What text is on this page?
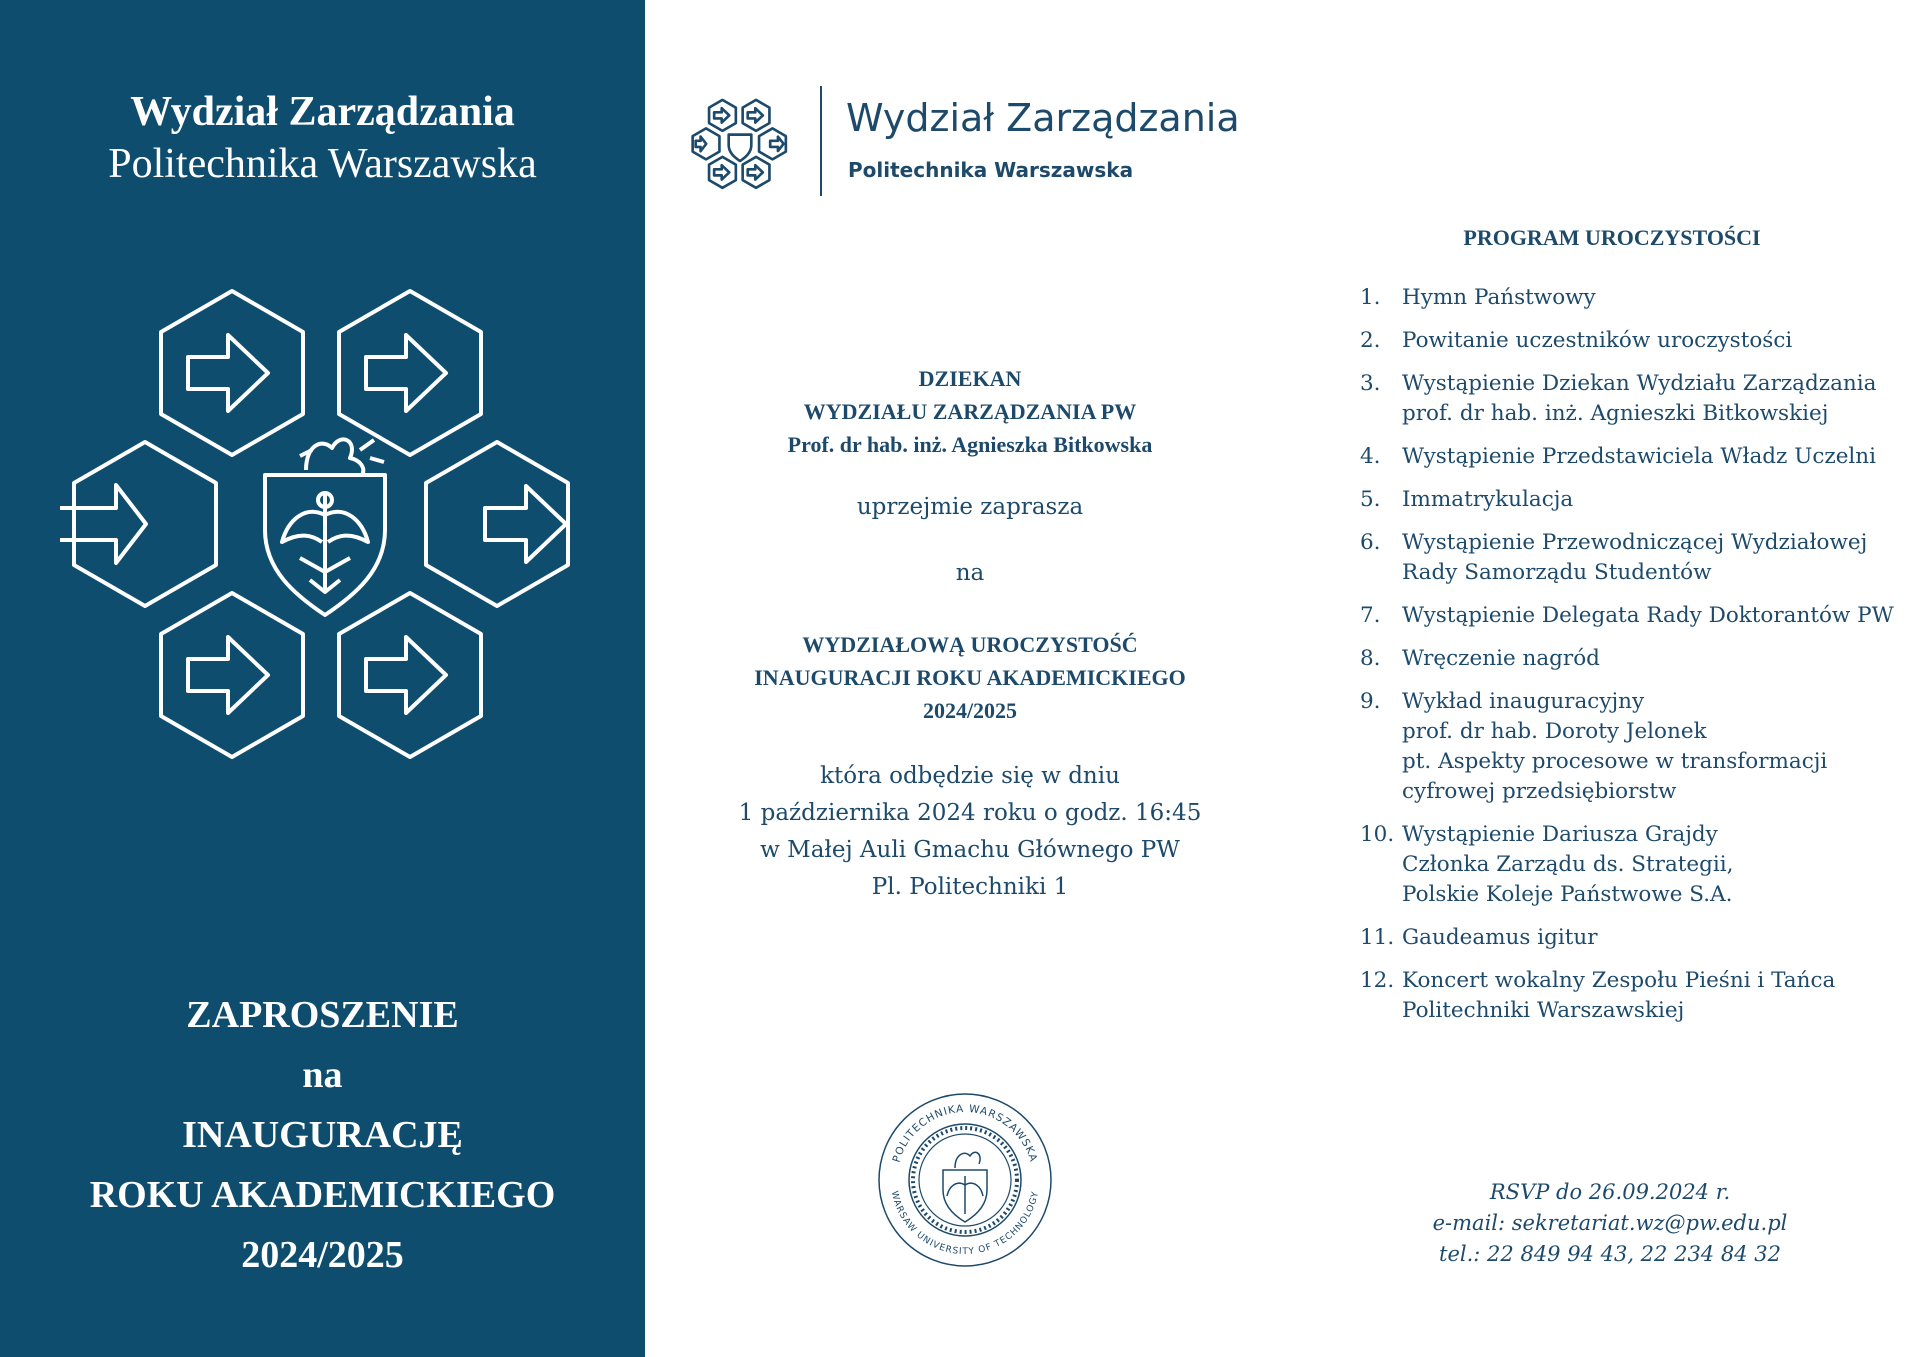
Wydział Zarządzania
Politechnika Warszawska
ZAPROSZENIE
na
INAUGURACJĘ
ROKU AKADEMICKIEGO
2024/2025
Wydział Zarządzania
Politechnika Warszawska
DZIEKAN
WYDZIAŁU ZARZĄDZANIA PW
Prof. dr hab. inż. Agnieszka Bitkowska
uprzejmie zaprasza
na
WYDZIAŁOWĄ UROCZYSTOŚĆ
INAUGURACJI ROKU AKADEMICKIEGO
2024/2025
która odbędzie się w dniu
1 października 2024 roku o godz. 16:45
w Małej Auli Gmachu Głównego PW
Pl. Politechniki 1
PROGRAM UROCZYSTOŚCI
1. Hymn Państwowy
2. Powitanie uczestników uroczystości
3. Wystąpienie Dziekan Wydziału Zarządzania
prof. dr hab. inż. Agnieszki Bitkowskiej
4. Wystąpienie Przedstawiciela Władz Uczelni
5. Immatrykulacja
6. Wystąpienie Przewodniczącej Wydziałowej
Rady Samorządu Studentów
7. Wystąpienie Delegata Rady Doktorantów PW
8. Wręczenie nagród
9. Wykład inauguracyjny
prof. dr hab. Doroty Jelonek
pt. Aspekty procesowe w transformacji
cyfrowej przedsiębiorstw
10. Wystąpienie Dariusza Grajdy
Członka Zarządu ds. Strategii,
Polskie Koleje Państwowe S.A.
11. Gaudeamus igitur
12. Koncert wokalny Zespołu Pieśni i Tańca
Politechniki Warszawskiej
POLITECHNIKA WARSZAWSKA
WARSAW UNIVERSITY OF TECHNOLOGY	RSVP do 26.09.2024 r.
e-mail: sekretariat.wz@pw.edu.pl
tel.: 22 849 94 43, 22 234 84 32
